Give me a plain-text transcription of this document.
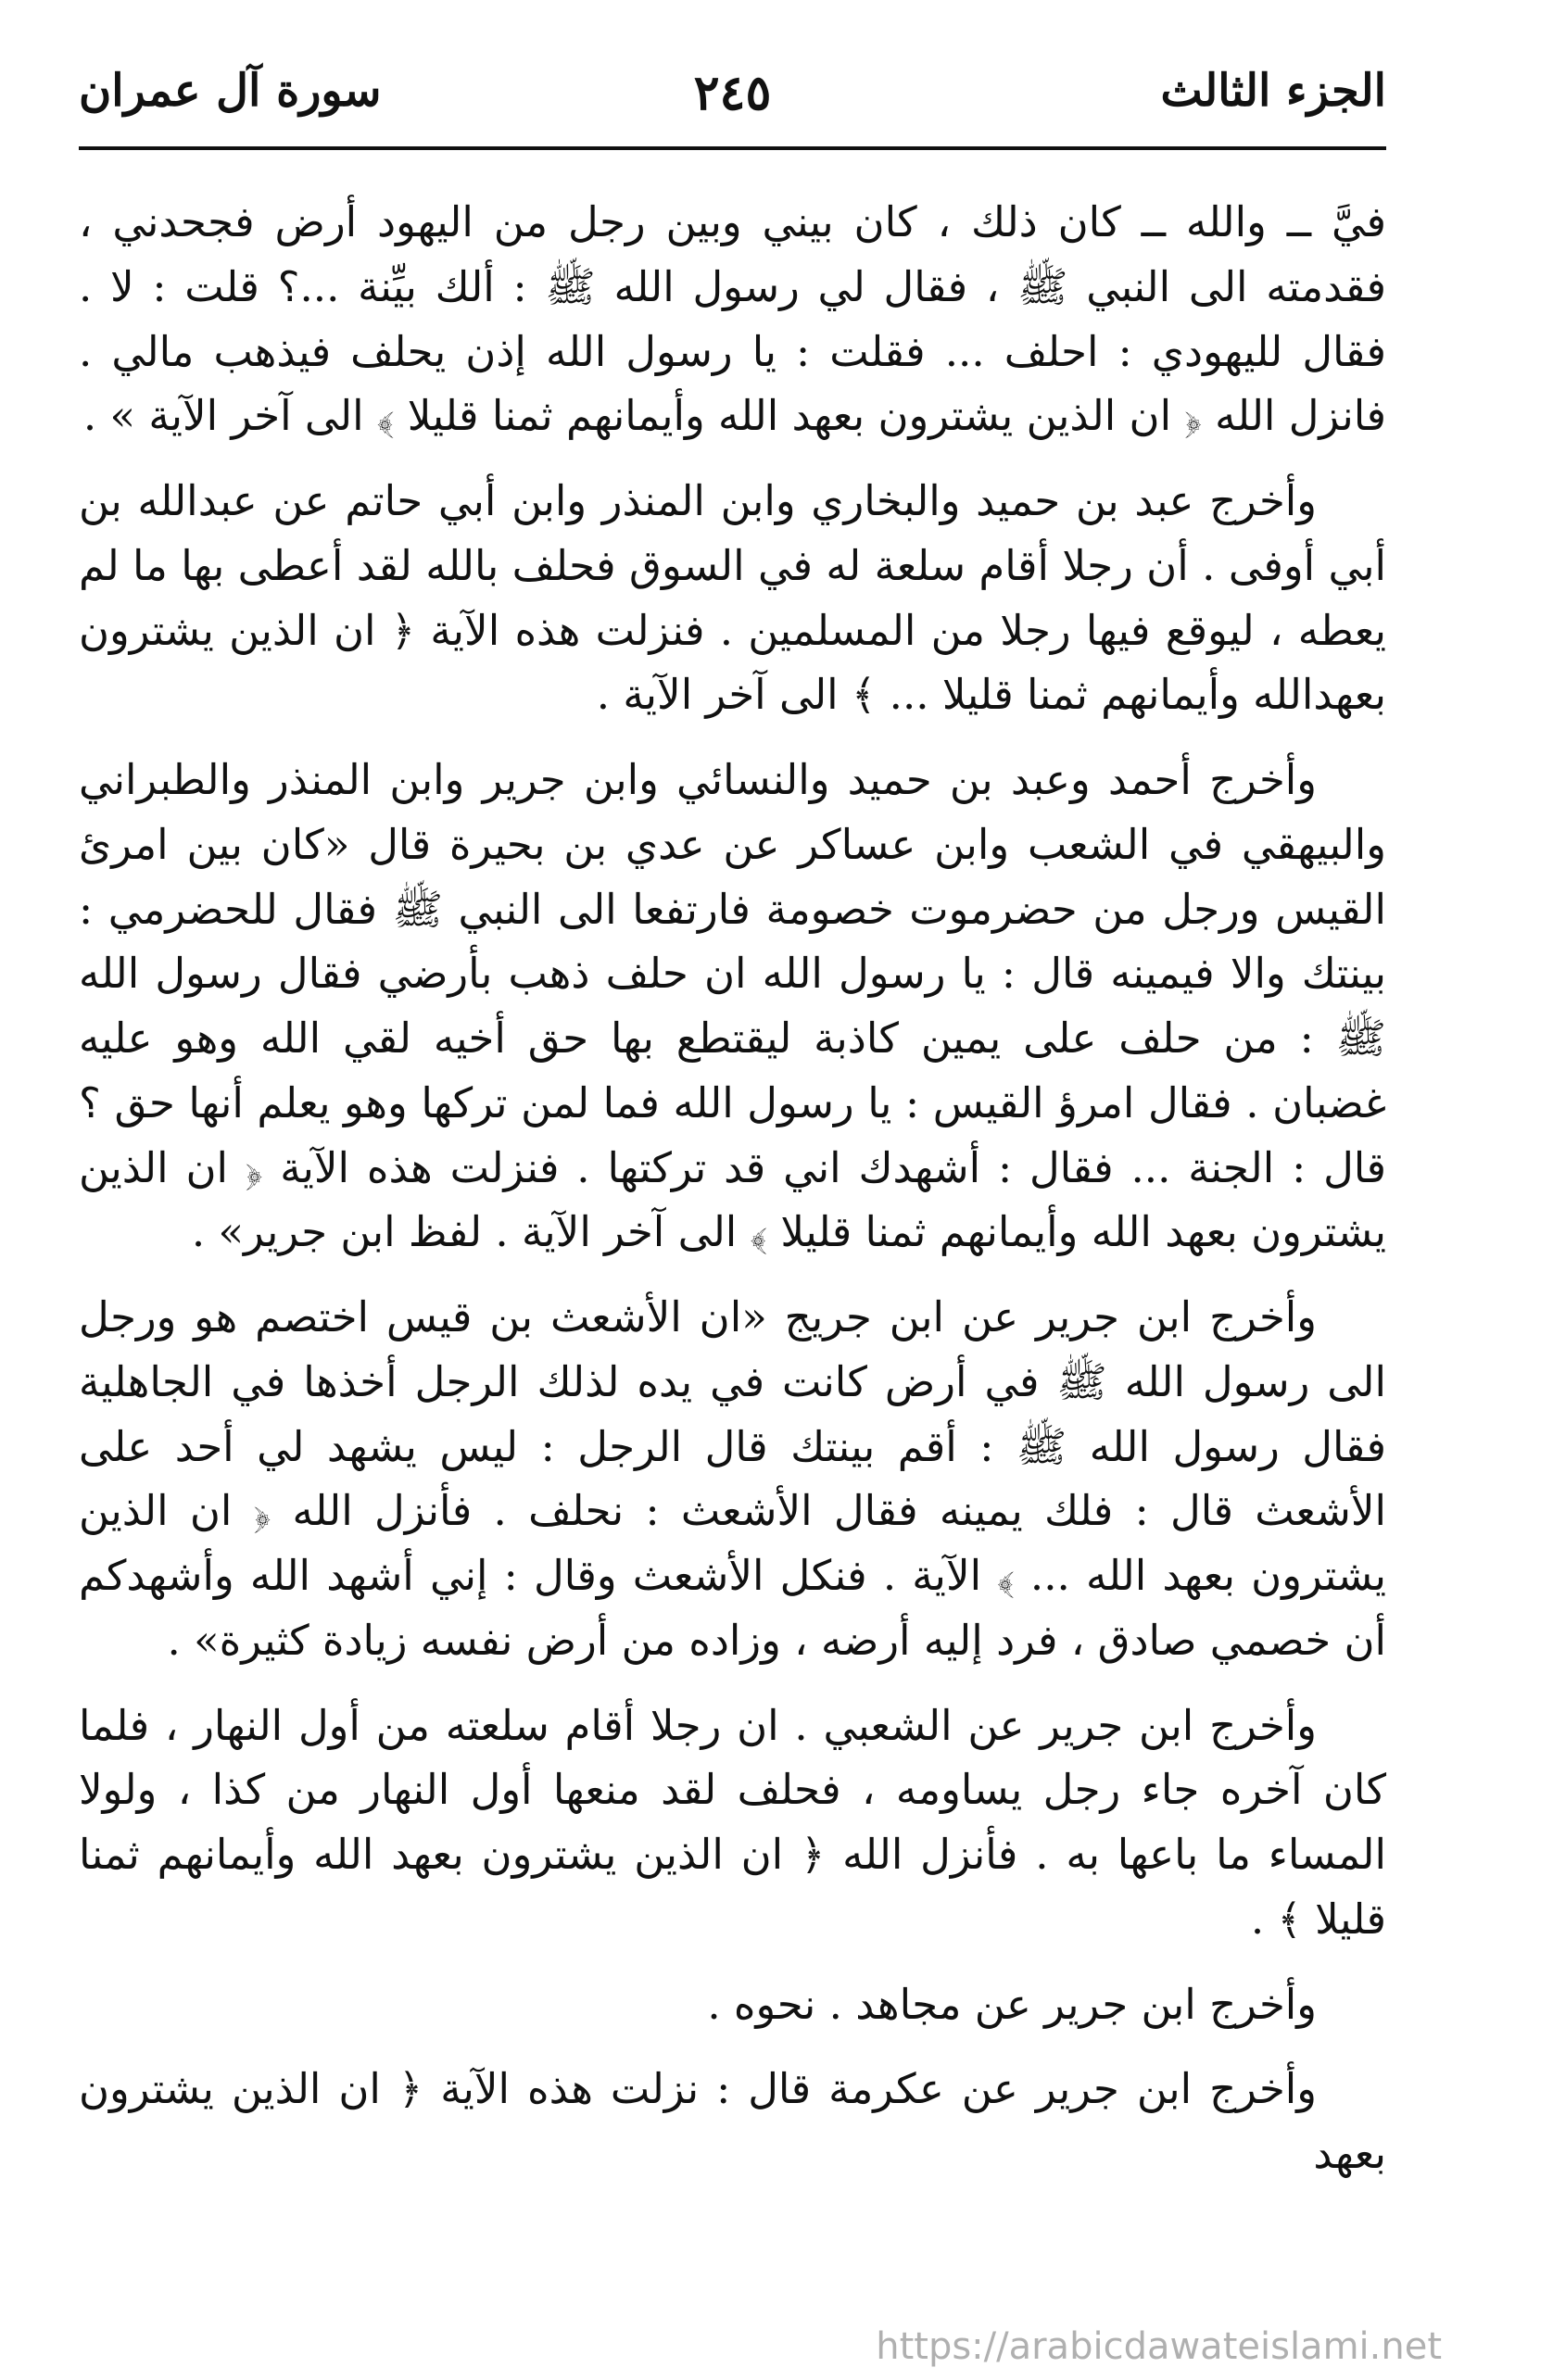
الجزء الثالث
٢٤٥
سورة آل عمران

فيَّ ــ والله ــ كان ذلك ، كان بيني وبين رجل من اليهود أرض فجحدني ، فقدمته الى النبي ﷺ ، فقال لي رسول الله ﷺ : ألك بيِّنة ...؟ قلت : لا . فقال لليهودي : احلف ... فقلت : يا رسول الله إذن يحلف فيذهب مالي . فانزل الله ﴿ ان الذين يشترون بعهد الله وأيمانهم ثمنا قليلا ﴾ الى آخر الآية » .

وأخرج عبد بن حميد والبخاري وابن المنذر وابن أبي حاتم عن عبدالله بن أبي أوفى . أن رجلا أقام سلعة له في السوق فحلف بالله لقد أعطى بها ما لم يعطه ، ليوقع فيها رجلا من المسلمين . فنزلت هذه الآية ﴿ ان الذين يشترون بعهدالله وأيمانهم ثمنا قليلا ... ﴾ الى آخر الآية .

وأخرج أحمد وعبد بن حميد والنسائي وابن جرير وابن المنذر والطبراني والبيهقي في الشعب وابن عساكر عن عدي بن بحيرة قال «كان بين امرئ القيس ورجل من حضرموت خصومة فارتفعا الى النبي ﷺ فقال للحضرمي : بينتك والا فيمينه قال : يا رسول الله ان حلف ذهب بأرضي فقال رسول الله ﷺ : من حلف على يمين كاذبة ليقتطع بها حق أخيه لقي الله وهو عليه غضبان . فقال امرؤ القيس : يا رسول الله فما لمن تركها وهو يعلم أنها حق ؟ قال : الجنة ... فقال : أشهدك اني قد تركتها . فنزلت هذه الآية ﴿ ان الذين يشترون بعهد الله وأيمانهم ثمنا قليلا ﴾ الى آخر الآية . لفظ ابن جرير» .

وأخرج ابن جرير عن ابن جريج «ان الأشعث بن قيس اختصم هو ورجل الى رسول الله ﷺ في أرض كانت في يده لذلك الرجل أخذها في الجاهلية فقال رسول الله ﷺ : أقم بينتك قال الرجل : ليس يشهد لي أحد على الأشعث قال : فلك يمينه فقال الأشعث : نحلف . فأنزل الله ﴿ ان الذين يشترون بعهد الله ... ﴾ الآية . فنكل الأشعث وقال : إني أشهد الله وأشهدكم أن خصمي صادق ، فرد إليه أرضه ، وزاده من أرض نفسه زيادة كثيرة» .

وأخرج ابن جرير عن الشعبي . ان رجلا أقام سلعته من أول النهار ، فلما كان آخره جاء رجل يساومه ، فحلف لقد منعها أول النهار من كذا ، ولولا المساء ما باعها به . فأنزل الله ﴿ ان الذين يشترون بعهد الله وأيمانهم ثمنا قليلا ﴾ .

وأخرج ابن جرير عن مجاهد . نحوه .

وأخرج ابن جرير عن عكرمة قال : نزلت هذه الآية ﴿ ان الذين يشترون بعهد

https://arabicdawateislami.net
